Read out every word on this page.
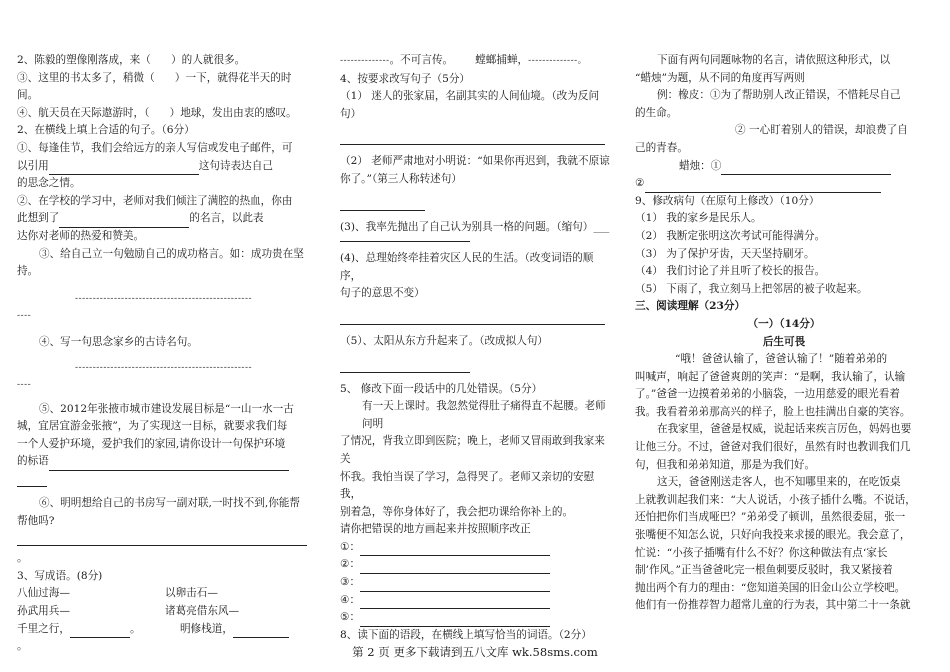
2、陈毅的塑像刚落成，来（      ）的人就很多。

③、这里的书太多了，稍微（      ）一下，就得花半天的时

间。

④、航天员在天际遨游时，（      ）地球，发出由衷的感叹。

2、在横线上填上合适的句子。（6分）

①、每逢佳节，我们会给远方的亲人写信或发电子邮件，可

以引用	这句诗表达自己

的思念之情。

②、在学校的学习中，老师对我们倾注了满腔的热血，你由

此想到了	的名言，以此表

达你对老师的热爱和赞美。

③、给自己立一句勉励自己的成功格言。如：成功贵在坚

持。

--------------------------------------------------

----

④、写一句思念家乡的古诗名句。

--------------------------------------------------

----

⑤、2012年张掖市城市建设发展目标是“一山一水一古

城，宜居宜游金张掖”，为了实现这一目标，就要求我们每

一个人爱护环境，爱护我们的家园,请你设计一句保护环境

的标语

⑥、明明想给自己的书房写一副对联,一时找不到,你能帮

帮他吗?

。

3、写成语。(8分)

八仙过海—	以卵击石—

孙武用兵—	诸葛亮借东风—

千里之行，	。	明修栈道，

。

--------------。不可言传。 螳螂捕蝉，--------------。

4、按要求改写句子（5分）

（1） 迷人的张家届，名副其实的人间仙境。（改为反问

句）

（2） 老师严肃地对小明说：“如果你再迟到，我就不原谅

你了。”（第三人称转述句）

(3)、我率先抛出了自己认为别具一格的问题。（缩句）___

(4)、总理始终牵挂着灾区人民的生活。（改变词语的顺序，

句子的意思不变）

（5）、太阳从东方升起来了。（改成拟人句）

5、 修改下面一段话中的几处错误。（5分）

有一天上课时。我忽然觉得肚子痛得直不起腰。老师问明

了情况，背我立即到医院；晚上，老师又冒雨敢到我家来关

怀我。我怕当误了学习，急得哭了。老师又亲切的安慰我，

别着急，等你身体好了，我会把功课给你补上的。

请你把错误的地方画起来并按照顺序改正

①：

②：

③：

④：

⑤：

8、读下面的语段，在横线上填写恰当的词语。（2分）

下面有两句同题咏物的名言，请依照这种形式，以

“蜡烛”为题，从不同的角度再写两则

例：橡皮：①为了帮助别人改正错误，不惜耗尽自己

的生命。

② 一心盯着别人的错误，却浪费了自

己的青春。

蜡烛：①

②

9、修改病句（在原句上修改）（10分）

（1） 我的家乡是民乐人。

（2） 我断定张明这次考试可能得满分。

（3） 为了保护牙齿，天天坚持刷牙。

（4） 我们讨论了并且听了校长的报告。

（5） 下雨了，我立刻马上把邻居的被子收起来。

三、阅读理解（23分）

（一）（14分）

后生可畏

“哦！爸爸认输了，爸爸认输了！”随着弟弟的

叫喊声，响起了爸爸爽朗的笑声：“是啊，我认输了，认输

了。”爸爸一边摸着弟弟的小脑袋，一边用慈爱的眼光看着

我。我看着弟弟那高兴的样子，脸上也挂满出自豪的笑容。

在我家里，爸爸是权威，说起话来疾言厉色，妈妈也要

让他三分。不过，爸爸对我们很好，虽然有时也教训我们几

句，但我和弟弟知道，那是为我们好。

这天，爸爸刚送走客人，也不知哪里来的，在吃饭桌

上就教训起我们来：“大人说话，小孩子插什么嘴。不说话，

还怕把你们当成哑巴？”弟弟受了顿训，虽然很委屈，张一

张嘴便不知怎么说，只好向我投来求援的眼光。我会意了，

忙说：“小孩子插嘴有什么不好？你这种做法有点‘家长

制’作风。”正当爸爸叱完一根鱼刺要反驳时，我又紧接着

抛出两个有力的理由：“您知道美国的旧金山公立学校吧。

他们有一份推荐智力超常儿童的行为表，其中第二十一条就

第 2 页 更多下载请到五八文库 wk.58sms.com
